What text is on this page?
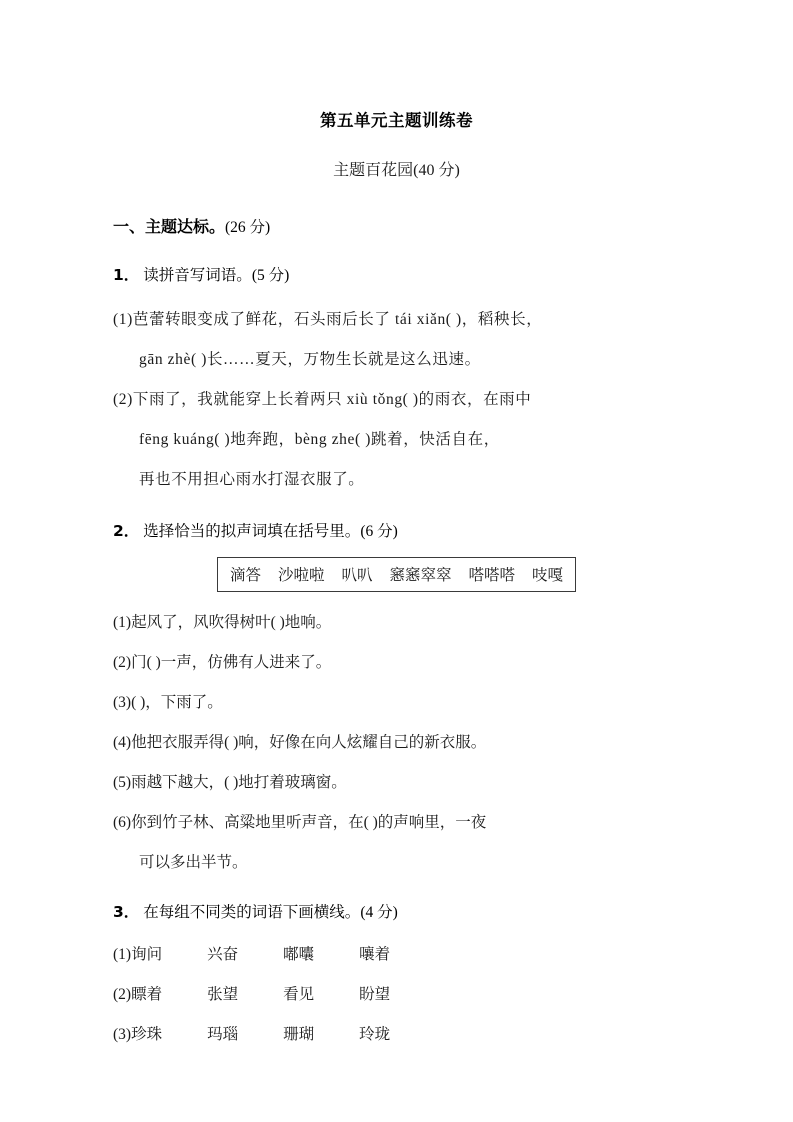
第五单元主题训练卷
主题百花园(40 分)
一、主题达标。(26 分)
1． 读拼音写词语。(5 分)
(1)芭蕾转眼变成了鲜花，石头雨后长了 tái xiǎn( )，稻秧长，
gān zhè( )长……夏天，万物生长就是这么迅速。
(2)下雨了，我就能穿上长着两只 xiù tǒng( )的雨衣，在雨中
fēng kuáng( )地奔跑，bèng zhe( )跳着，快活自在，
再也不用担心雨水打湿衣服了。
2． 选择恰当的拟声词填在括号里。(6 分)
滴答 沙啦啦 叭叭 窸窸窣窣 嗒嗒嗒 吱嘎
(1)起风了，风吹得树叶( )地响。
(2)门( )一声，仿佛有人进来了。
(3)( )，下雨了。
(4)他把衣服弄得( )响，好像在向人炫耀自己的新衣服。
(5)雨越下越大，( )地打着玻璃窗。
(6)你到竹子林、高粱地里听声音，在( )的声响里，一夜
可以多出半节。
3． 在每组不同类的词语下画横线。(4 分)
(1)询问	兴奋	嘟囔	嚷着
(2)瞟着	张望	看见	盼望
(3)珍珠	玛瑙	珊瑚	玲珑
